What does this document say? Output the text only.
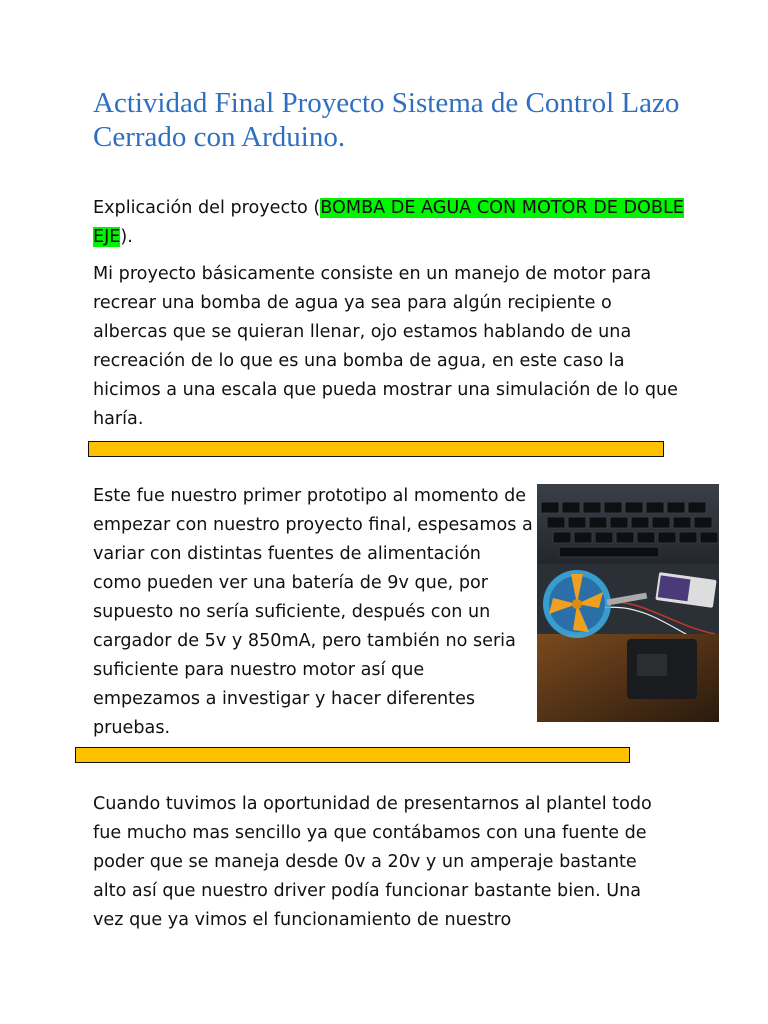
Actividad Final Proyecto Sistema de Control Lazo Cerrado con Arduino.

Explicación del proyecto (BOMBA DE AGUA CON MOTOR DE DOBLE EJE).

Mi proyecto básicamente consiste en un manejo de motor para recrear una bomba de agua ya sea para algún recipiente o albercas que se quieran llenar, ojo estamos hablando de una recreación de lo que es una bomba de agua, en este caso la hicimos a una escala que pueda mostrar una simulación de lo que haría.

Este fue nuestro primer prototipo al momento de empezar con nuestro proyecto final, espesamos a variar con distintas fuentes de alimentación como pueden ver una batería de 9v que, por supuesto no sería suficiente, después con un cargador de 5v y 850mA, pero también no seria suficiente para nuestro motor así que empezamos a investigar y hacer diferentes pruebas.

Cuando tuvimos la oportunidad de presentarnos al plantel todo fue mucho mas sencillo ya que contábamos con una fuente de poder que se maneja desde 0v a 20v y un amperaje bastante alto así que nuestro driver podía funcionar bastante bien. Una vez que ya vimos el funcionamiento de nuestro
